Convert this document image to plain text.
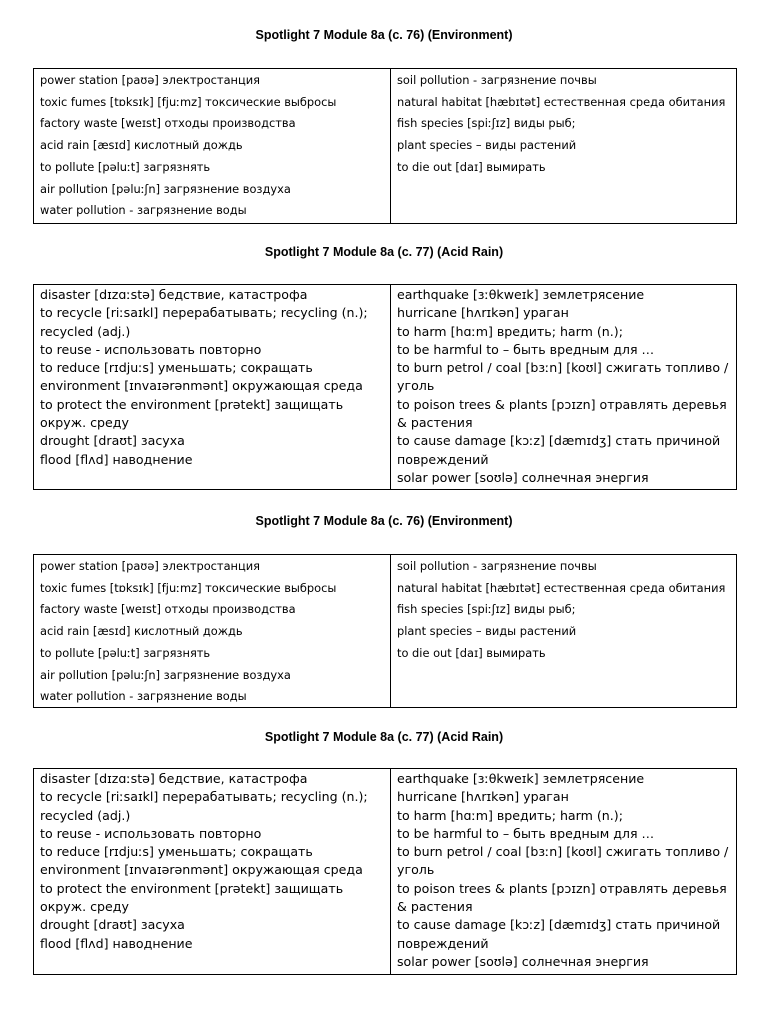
Spotlight 7 Module 8a (c. 76) (Environment)
power station [paʊə] электростанция
toxic fumes [tɒksɪk] [fjuːmz] токсические выбросы
factory waste [weɪst] отходы производства
acid rain [æsɪd] кислотный дождь
to pollute [pəluːt] загрязнять
air pollution [pəluːʃn] загрязнение воздуха
water pollution - загрязнение воды
soil pollution - загрязнение почвы
natural habitat [hæbɪtət] естественная среда обитания
fish species [spiːʃɪz] виды рыб;
plant species – виды растений
to die out [daɪ] вымирать
Spotlight 7 Module 8a (c. 77) (Acid Rain)
disaster [dɪzɑːstə] бедствие, катастрофа
to recycle [riːsaɪkl] перерабатывать; recycling (n.); recycled (adj.)
to reuse - использовать повторно
to reduce [rɪdjuːs] уменьшать; сокращать
environment [ɪnvaɪərənmənt] окружающая среда
to protect the environment [prətekt] защищать окруж. среду
drought [draʊt] засуха
flood [flʌd] наводнение
earthquake [ɜːθkweɪk] землетрясение
hurricane [hʌrɪkən] ураган
to harm [hɑːm] вредить; harm (n.);
to be harmful to – быть вредным для …
to burn petrol / coal [bɜːn] [koʊl] сжигать топливо / уголь
to poison trees & plants [pɔɪzn] отравлять деревья & растения
to cause damage [kɔːz] [dæmɪdʒ] стать причиной повреждений
solar power [soʊlə] солнечная энергия
Spotlight 7 Module 8a (c. 76) (Environment)
power station [paʊə] электростанция
toxic fumes [tɒksɪk] [fjuːmz] токсические выбросы
factory waste [weɪst] отходы производства
acid rain [æsɪd] кислотный дождь
to pollute [pəluːt] загрязнять
air pollution [pəluːʃn] загрязнение воздуха
water pollution - загрязнение воды
soil pollution - загрязнение почвы
natural habitat [hæbɪtət] естественная среда обитания
fish species [spiːʃɪz] виды рыб;
plant species – виды растений
to die out [daɪ] вымирать
Spotlight 7 Module 8a (c. 77) (Acid Rain)
disaster [dɪzɑːstə] бедствие, катастрофа
to recycle [riːsaɪkl] перерабатывать; recycling (n.); recycled (adj.)
to reuse - использовать повторно
to reduce [rɪdjuːs] уменьшать; сокращать
environment [ɪnvaɪərənmənt] окружающая среда
to protect the environment [prətekt] защищать окруж. среду
drought [draʊt] засуха
flood [flʌd] наводнение
earthquake [ɜːθkweɪk] землетрясение
hurricane [hʌrɪkən] ураган
to harm [hɑːm] вредить; harm (n.);
to be harmful to – быть вредным для …
to burn petrol / coal [bɜːn] [koʊl] сжигать топливо / уголь
to poison trees & plants [pɔɪzn] отравлять деревья & растения
to cause damage [kɔːz] [dæmɪdʒ] стать причиной повреждений
solar power [soʊlə] солнечная энергия
